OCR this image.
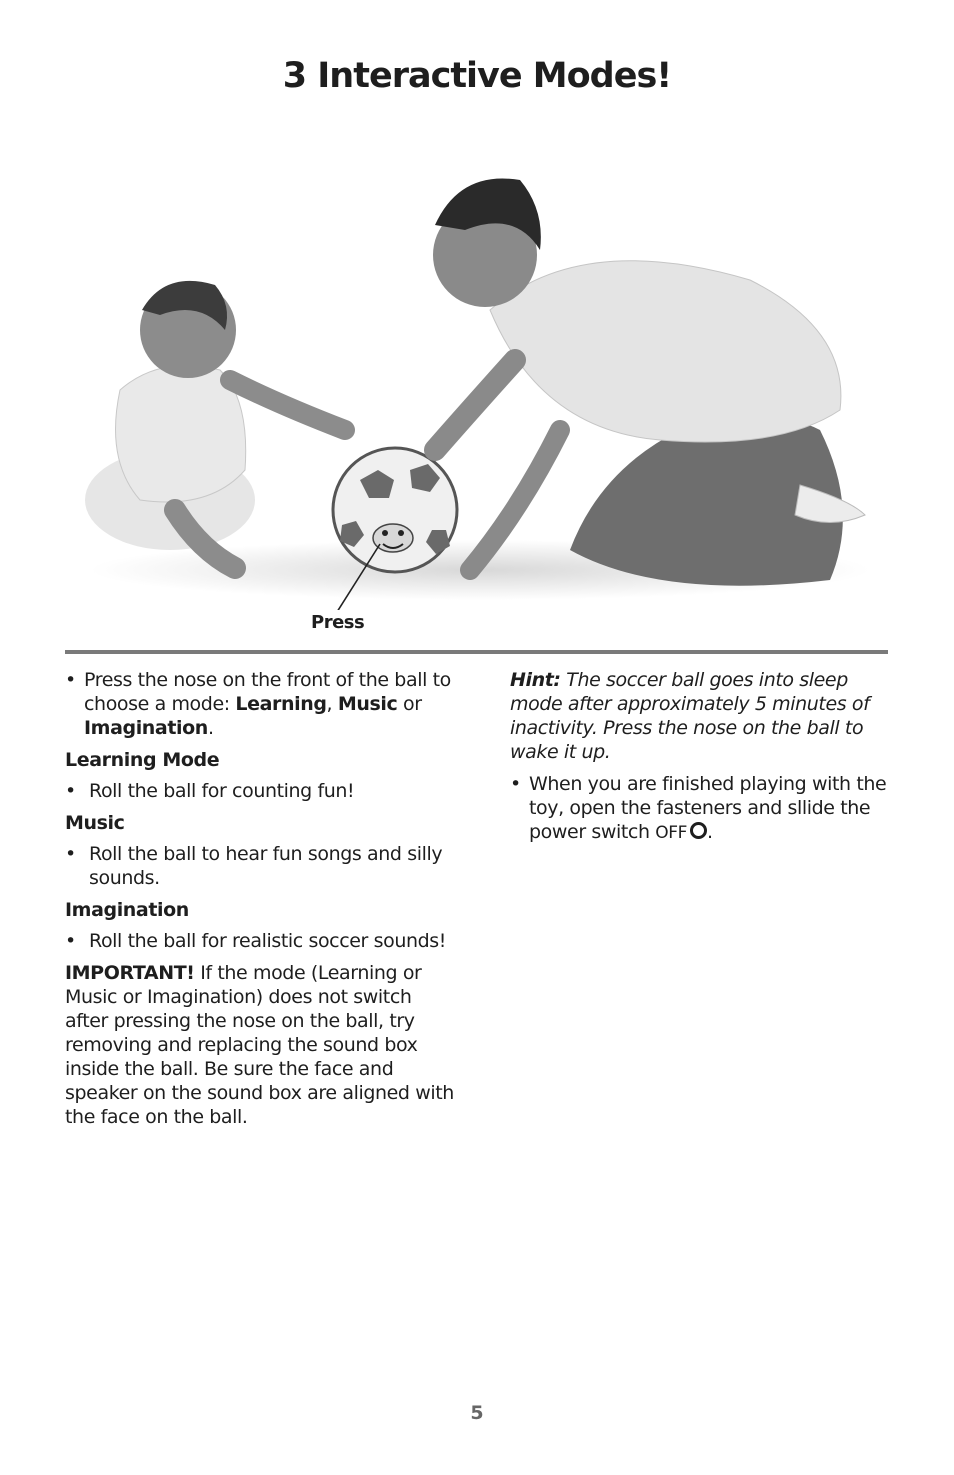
3 Interactive Modes!
Press
• Press the nose on the front of the ball to choose a mode: Learning, Music or Imagination.

Learning Mode
• Roll the ball for counting fun!

Music
• Roll the ball to hear fun songs and silly sounds.

Imagination
• Roll the ball for realistic soccer sounds!

IMPORTANT! If the mode (Learning or Music or Imagination) does not switch after pressing the nose on the ball, try removing and replacing the sound box inside the ball. Be sure the face and speaker on the sound box are aligned with the face on the ball.

Hint: The soccer ball goes into sleep mode after approximately 5 minutes of inactivity. Press the nose on the ball to wake it up.

• When you are finished playing with the toy, open the fasteners and sllide the power switch OFF .

5
